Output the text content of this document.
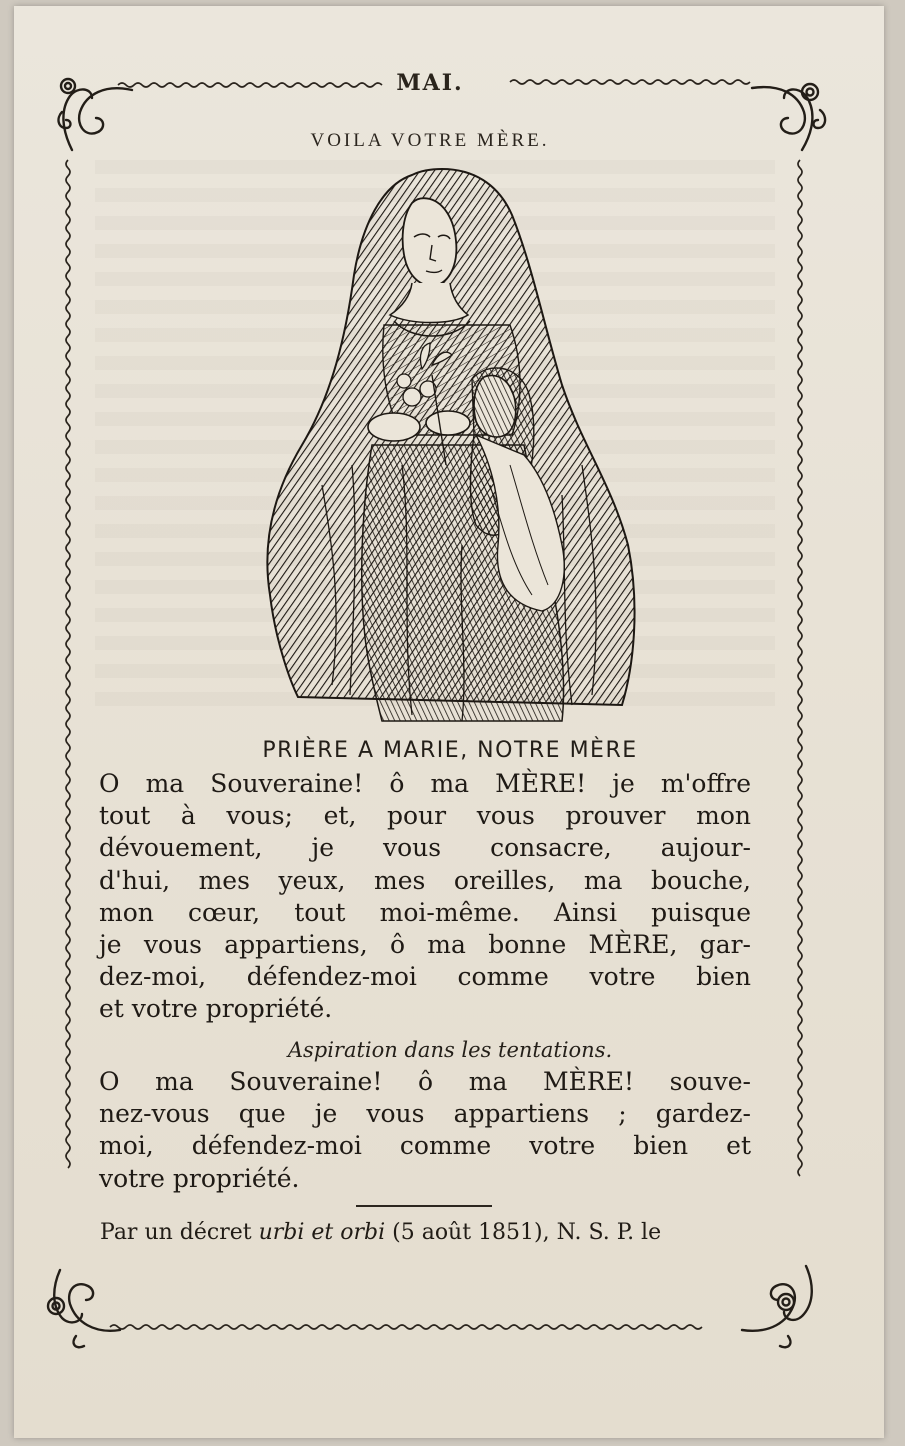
MAI.
VOILA VOTRE MÈRE.
PRIÈRE A MARIE, NOTRE MÈRE

O ma Souveraine! ô ma MÈRE! je m'offre

tout à vous; et, pour vous prouver mon

dévouement, je vous consacre, aujour-

d'hui, mes yeux, mes oreilles, ma bouche,

mon cœur, tout moi-même. Ainsi puisque

je vous appartiens, ô ma bonne MÈRE, gar-

dez-moi, défendez-moi comme votre bien

et votre propriété.

Aspiration dans les tentations.

O ma Souveraine! ô ma MÈRE! souve-

nez-vous que je vous appartiens ; gardez-

moi, défendez-moi comme votre bien et

votre propriété.

Par un décret urbi et orbi (5 août 1851), N. S. P. le
